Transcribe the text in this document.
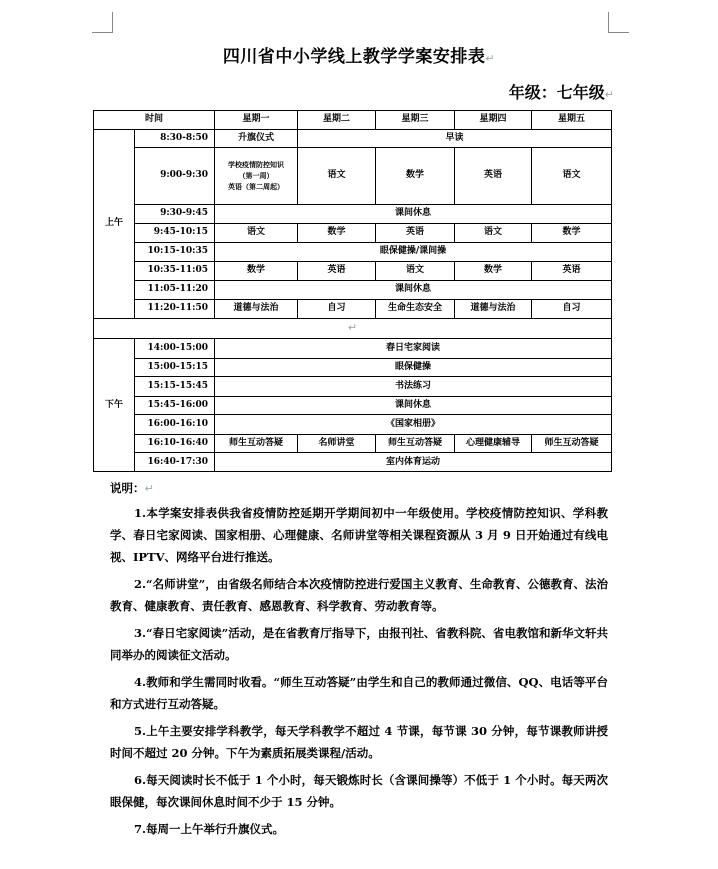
四川省中小学线上教学学案安排表↵
年级：七年级↵
时间		星期一	星期二	星期三	星期四	星期五
上午	8:30-8:50	升旗仪式	早读			
	9:00-9:30	学校疫情防控知识
（第一周）
英语（第二周起）	语文	数学	英语	语文
	9:30-9:45	课间休息				
	9:45-10:15	语文	数学	英语	语文	数学
	10:15-10:35	眼保健操/课间操				
	10:35-11:05	数学	英语	语文	数学	英语
	11:05-11:20	课间休息				
	11:20-11:50	道德与法治	自习	生命生态安全	道德与法治	自习
↵						
下午	14:00-15:00	春日宅家阅读				
	15:00-15:15	眼保健操				
	15:15-15:45	书法练习				
	15:45-16:00	课间休息				
	16:00-16:10	《国家相册》				
	16:10-16:40	师生互动答疑	名师讲堂	师生互动答疑	心理健康辅导	师生互动答疑
	16:40-17:30	室内体育运动				
说明：↵

1.本学案安排表供我省疫情防控延期开学期间初中一年级使用。学校疫情防控知识、学科教学、春日宅家阅读、国家相册、心理健康、名师讲堂等相关课程资源从 3 月 9 日开始通过有线电视、IPTV、网络平台进行推送。

2.“名师讲堂”，由省级名师结合本次疫情防控进行爱国主义教育、生命教育、公德教育、法治教育、健康教育、责任教育、感恩教育、科学教育、劳动教育等。

3.“春日宅家阅读”活动，是在省教育厅指导下，由报刊社、省教科院、省电教馆和新华文轩共同举办的阅读征文活动。

4.教师和学生需同时收看。“师生互动答疑”由学生和自己的教师通过微信、QQ、电话等平台和方式进行互动答疑。

5.上午主要安排学科教学，每天学科教学不超过 4 节课，每节课 30 分钟，每节课教师讲授时间不超过 20 分钟。下午为素质拓展类课程/活动。

6.每天阅读时长不低于 1 个小时，每天锻炼时长（含课间操等）不低于 1 个小时。每天两次眼保健，每次课间休息时间不少于 15 分钟。

7.每周一上午举行升旗仪式。
